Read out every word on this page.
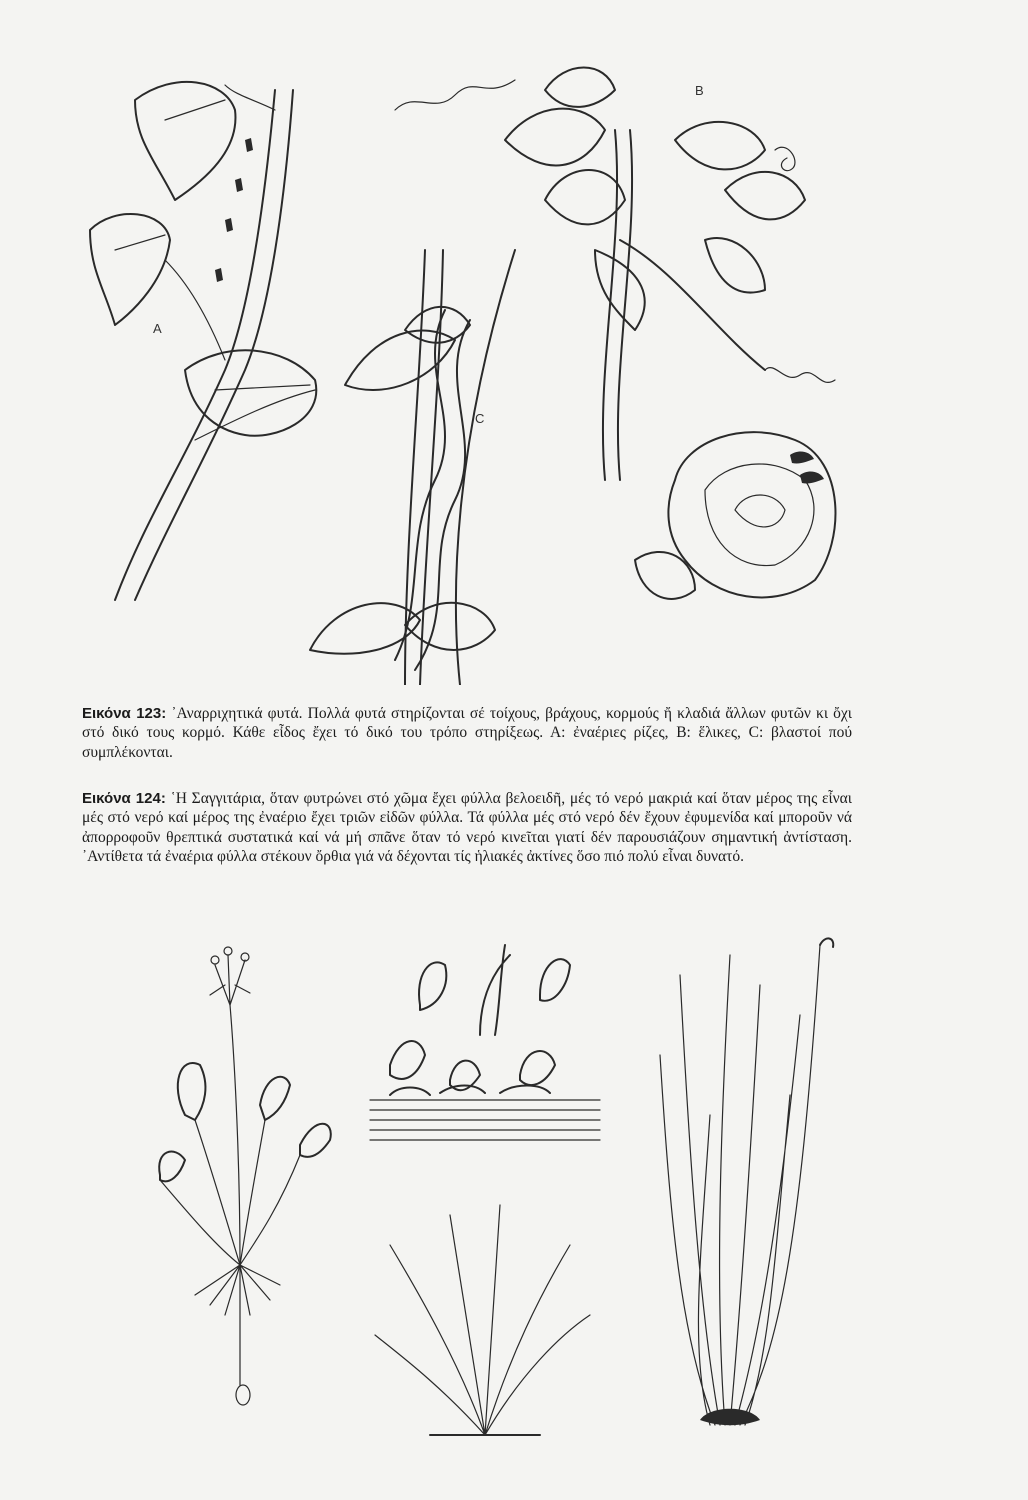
A
C
B

Εικόνα 123: ᾿Αναρριχητικά φυτά. Πολλά φυτά στηρίζονται σέ τοίχους, βράχους, κορμούς ἤ κλαδιά ἄλλων φυτῶν κι ὄχι στό δικό τους κορμό. Κάθε εἶδος ἔχει τό δικό του τρόπο στηρίξεως. Α: ἐναέριες ρίζες, Β: ἕλικες, C: βλαστοί πού συμπλέκονται.

Εικόνα 124: ῾Η Σαγγιτάρια, ὅταν φυτρώνει στό χῶμα ἔχει φύλλα βελοειδῆ, μές τό νερό μακριά καί ὅταν μέρος της εἶναι μές στό νερό καί μέρος της ἐναέριο ἔχει τριῶν εἰδῶν φύλλα. Τά φύλλα μές στό νερό δέν ἔχουν ἐφυμενίδα καί μποροῦν νά ἀπορροφοῦν θρεπτικά συστατικά καί νά μή σπᾶνε ὅταν τό νερό κινεῖται γιατί δέν παρουσιάζουν σημαντική ἀντίσταση. ᾿Αντίθετα τά ἐναέρια φύλλα στέκουν ὄρθια γιά νά δέχονται τίς ἡλιακές ἀκτίνες ὅσο πιό πολύ εἶναι δυνατό.
